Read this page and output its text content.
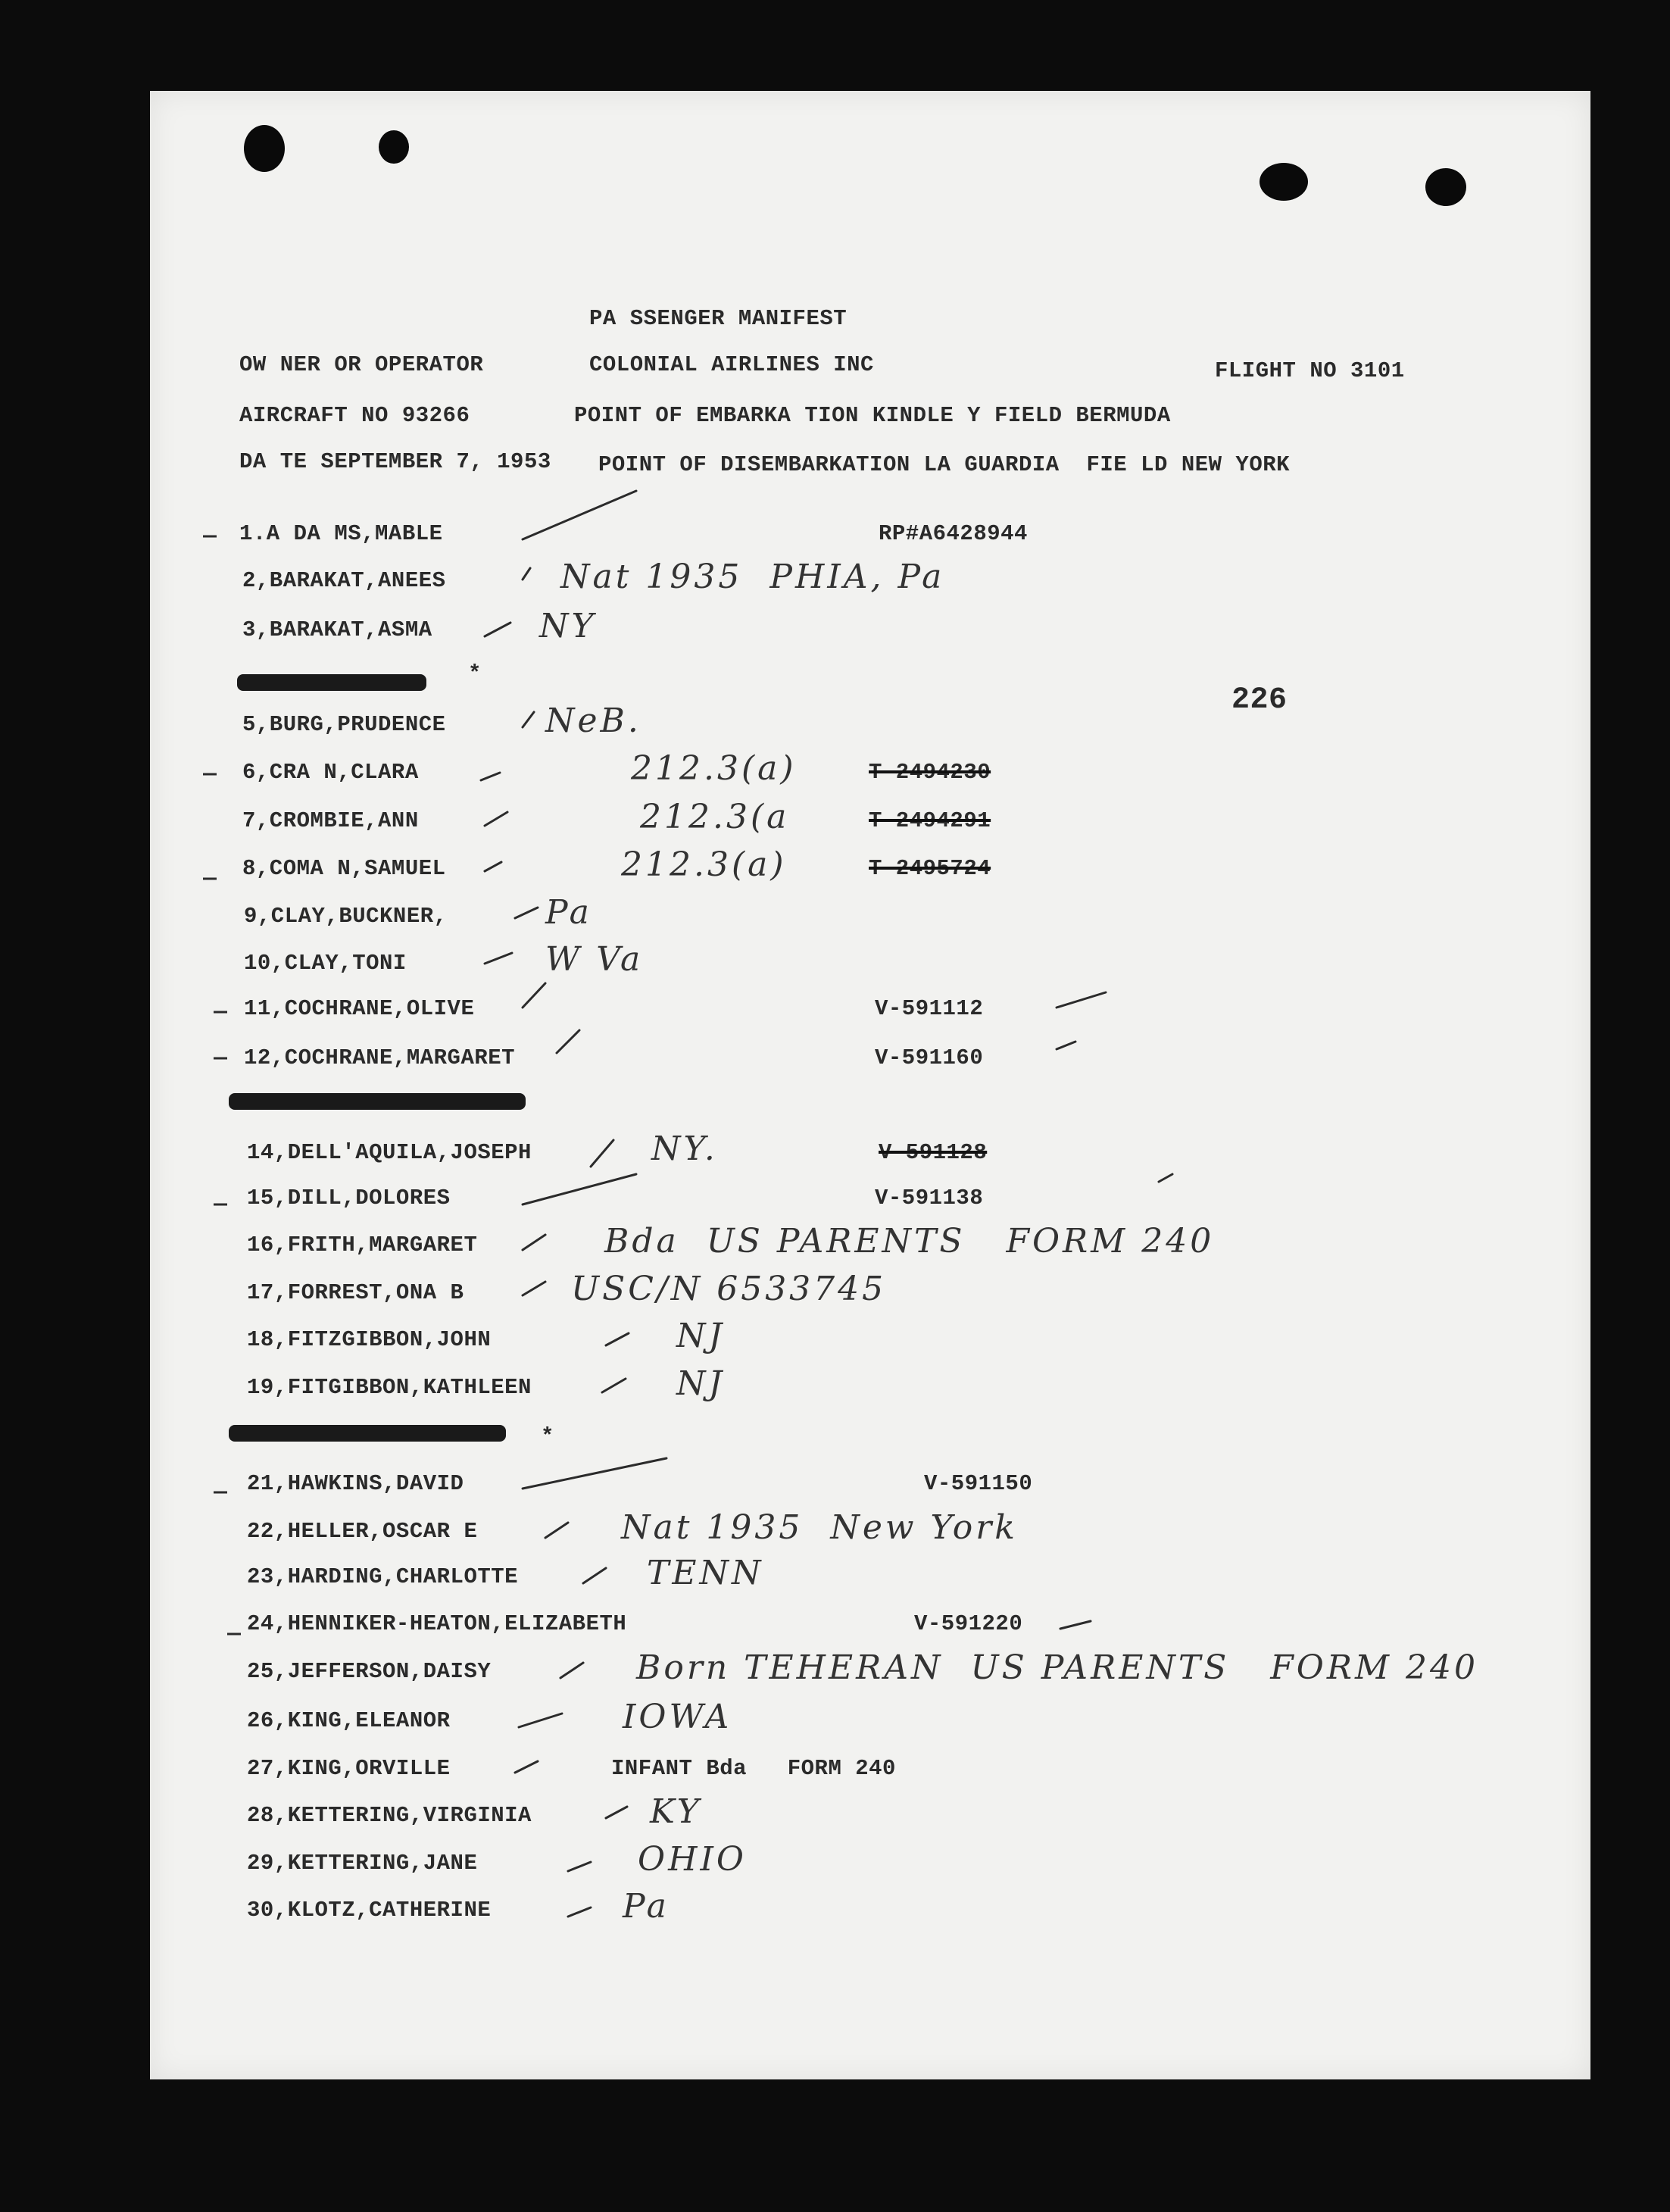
PA SSENGER MANIFEST
OW NER OR OPERATOR	COLONIAL AIRLINES INC	FLIGHT NO 3101
AIRCRAFT NO 93266	POINT OF EMBARKA TION KINDLE Y FIELD BERMUDA
DA TE SEPTEMBER 7, 1953 POINT OF DISEMBARKATION LA GUARDIA  FIE LD NEW YORK
226
*
*
1.A DA MS,MABLE	RP#A6428944
2,BARAKAT,ANEES	Nat 1935  PHIA, Pa
3,BARAKAT,ASMA	NY
5,BURG,PRUDENCE	NeB.
6,CRA N,CLARA	212.3(a)	T-2494230
7,CROMBIE,ANN	212.3(a	T-2494291
8,COMA N,SAMUEL	212.3(a)	T-2495724
9,CLAY,BUCKNER,	Pa
10,CLAY,TONI	W Va
11,COCHRANE,OLIVE	V-591112
12,COCHRANE,MARGARET	V-591160
14,DELL'AQUILA,JOSEPH	NY.	V-591128
15,DILL,DOLORES	V-591138
16,FRITH,MARGARET	Bda  US PARENTS   FORM 240
17,FORREST,ONA B	USC/N 6533745
18,FITZGIBBON,JOHN	NJ
19,FITGIBBON,KATHLEEN	NJ
21,HAWKINS,DAVID	V-591150
22,HELLER,OSCAR E	Nat 1935  New York
23,HARDING,CHARLOTTE	TENN
24,HENNIKER-HEATON,ELIZABETH	V-591220
25,JEFFERSON,DAISY	Born TEHERAN  US PARENTS   FORM 240
26,KING,ELEANOR	IOWA
27,KING,ORVILLE	INFANT Bda   FORM 240
28,KETTERING,VIRGINIA	KY
29,KETTERING,JANE	OHIO
30,KLOTZ,CATHERINE	Pa
